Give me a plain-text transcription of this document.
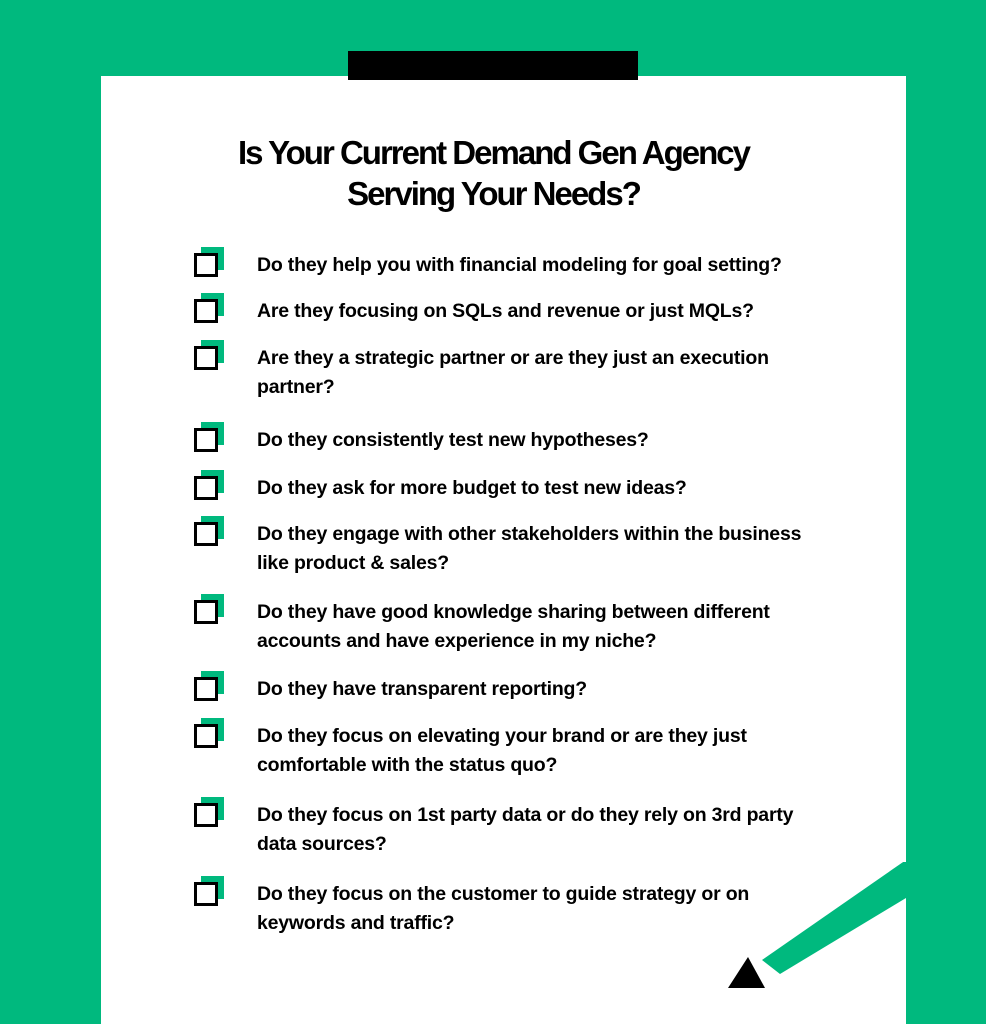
Is Your Current Demand Gen Agency
Serving Your Needs?
Do they help you with financial modeling for goal setting?
Are they focusing on SQLs and revenue or just MQLs?
Are they a strategic partner or are they just an execution partner?
Do they consistently test new hypotheses?
Do they ask for more budget to test new ideas?
Do they engage with other stakeholders within the business like product & sales?
Do they have good knowledge sharing between different accounts and have experience in my niche?
Do they have transparent reporting?
Do they focus on elevating your brand or are they just comfortable with the status quo?
Do they focus on 1st party data or do they rely on 3rd party data sources?
Do they focus on the customer to guide strategy or on keywords and traffic?
